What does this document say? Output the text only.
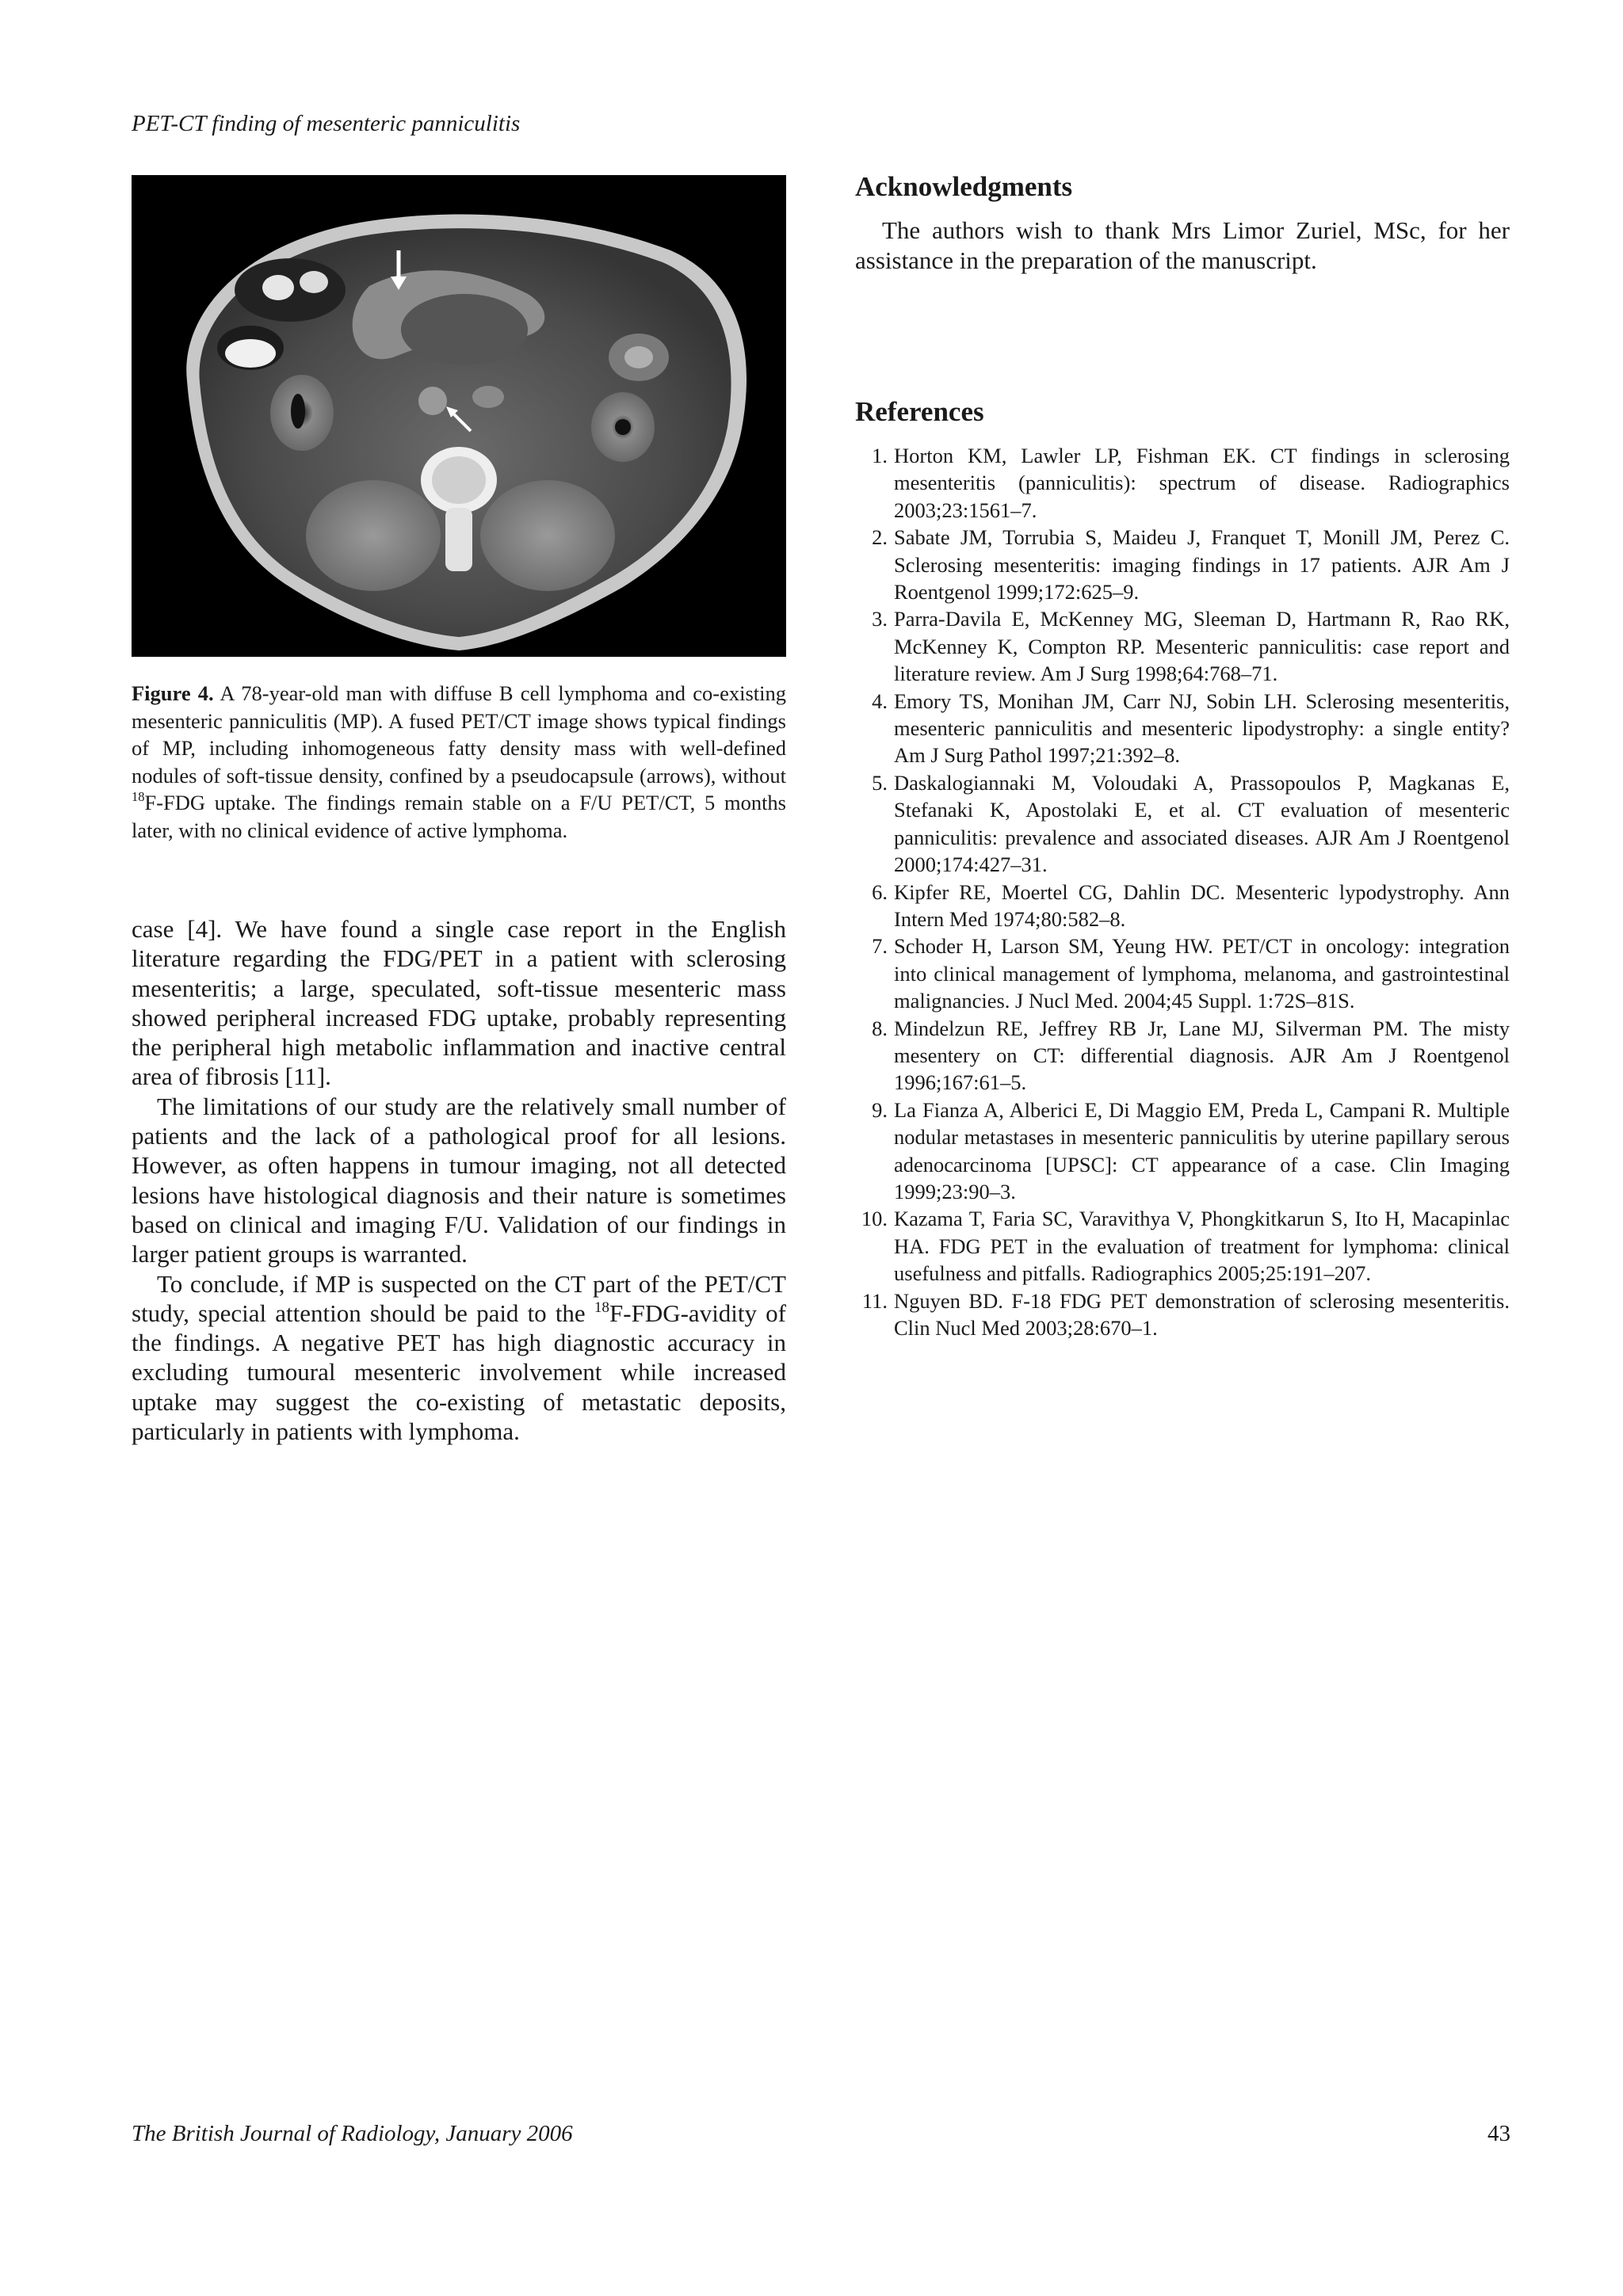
PET-CT finding of mesenteric panniculitis
Figure 4. A 78-year-old man with diffuse B cell lymphoma and co-existing mesenteric panniculitis (MP). A fused PET/CT image shows typical findings of MP, including inhomogeneous fatty density mass with well-defined nodules of soft-tissue density, confined by a pseudocapsule (arrows), without $^{18}$F-FDG uptake. The findings remain stable on a F/U PET/CT, 5 months later, with no clinical evidence of active lymphoma.

case [4]. We have found a single case report in the English literature regarding the FDG/PET in a patient with sclerosing mesenteritis; a large, speculated, soft-tissue mesenteric mass showed peripheral increased FDG uptake, probably representing the peripheral high metabolic inflammation and inactive central area of fibrosis [11].

The limitations of our study are the relatively small number of patients and the lack of a pathological proof for all lesions. However, as often happens in tumour imaging, not all detected lesions have histological diagnosis and their nature is sometimes based on clinical and imaging F/U. Validation of our findings in larger patient groups is warranted.

To conclude, if MP is suspected on the CT part of the PET/CT study, special attention should be paid to the $^{18}$F-FDG-avidity of the findings. A negative PET has high diagnostic accuracy in excluding tumoural mesenteric involvement while increased uptake may suggest the co-existing of metastatic deposits, particularly in patients with lymphoma.

Acknowledgments

The authors wish to thank Mrs Limor Zuriel, MSc, for her assistance in the preparation of the manuscript.

References
1. Horton KM, Lawler LP, Fishman EK. CT findings in sclerosing mesenteritis (panniculitis): spectrum of disease. Radiographics 2003;23:1561–7.
2. Sabate JM, Torrubia S, Maideu J, Franquet T, Monill JM, Perez C. Sclerosing mesenteritis: imaging findings in 17 patients. AJR Am J Roentgenol 1999;172:625–9.
3. Parra-Davila E, McKenney MG, Sleeman D, Hartmann R, Rao RK, McKenney K, Compton RP. Mesenteric panniculitis: case report and literature review. Am J Surg 1998;64:768–71.
4. Emory TS, Monihan JM, Carr NJ, Sobin LH. Sclerosing mesenteritis, mesenteric panniculitis and mesenteric lipodystrophy: a single entity? Am J Surg Pathol 1997;21:392–8.
5. Daskalogiannaki M, Voloudaki A, Prassopoulos P, Magkanas E, Stefanaki K, Apostolaki E, et al. CT evaluation of mesenteric panniculitis: prevalence and associated diseases. AJR Am J Roentgenol 2000;174:427–31.
6. Kipfer RE, Moertel CG, Dahlin DC. Mesenteric lypodystrophy. Ann Intern Med 1974;80:582–8.
7. Schoder H, Larson SM, Yeung HW. PET/CT in oncology: integration into clinical management of lymphoma, melanoma, and gastrointestinal malignancies. J Nucl Med. 2004;45 Suppl. 1:72S–81S.
8. Mindelzun RE, Jeffrey RB Jr, Lane MJ, Silverman PM. The misty mesentery on CT: differential diagnosis. AJR Am J Roentgenol 1996;167:61–5.
9. La Fianza A, Alberici E, Di Maggio EM, Preda L, Campani R. Multiple nodular metastases in mesenteric panniculitis by uterine papillary serous adenocarcinoma [UPSC]: CT appearance of a case. Clin Imaging 1999;23:90–3.
10. Kazama T, Faria SC, Varavithya V, Phongkitkarun S, Ito H, Macapinlac HA. FDG PET in the evaluation of treatment for lymphoma: clinical usefulness and pitfalls. Radiographics 2005;25:191–207.
11. Nguyen BD. F-18 FDG PET demonstration of sclerosing mesenteritis. Clin Nucl Med 2003;28:670–1.
The British Journal of Radiology, January 2006	43
